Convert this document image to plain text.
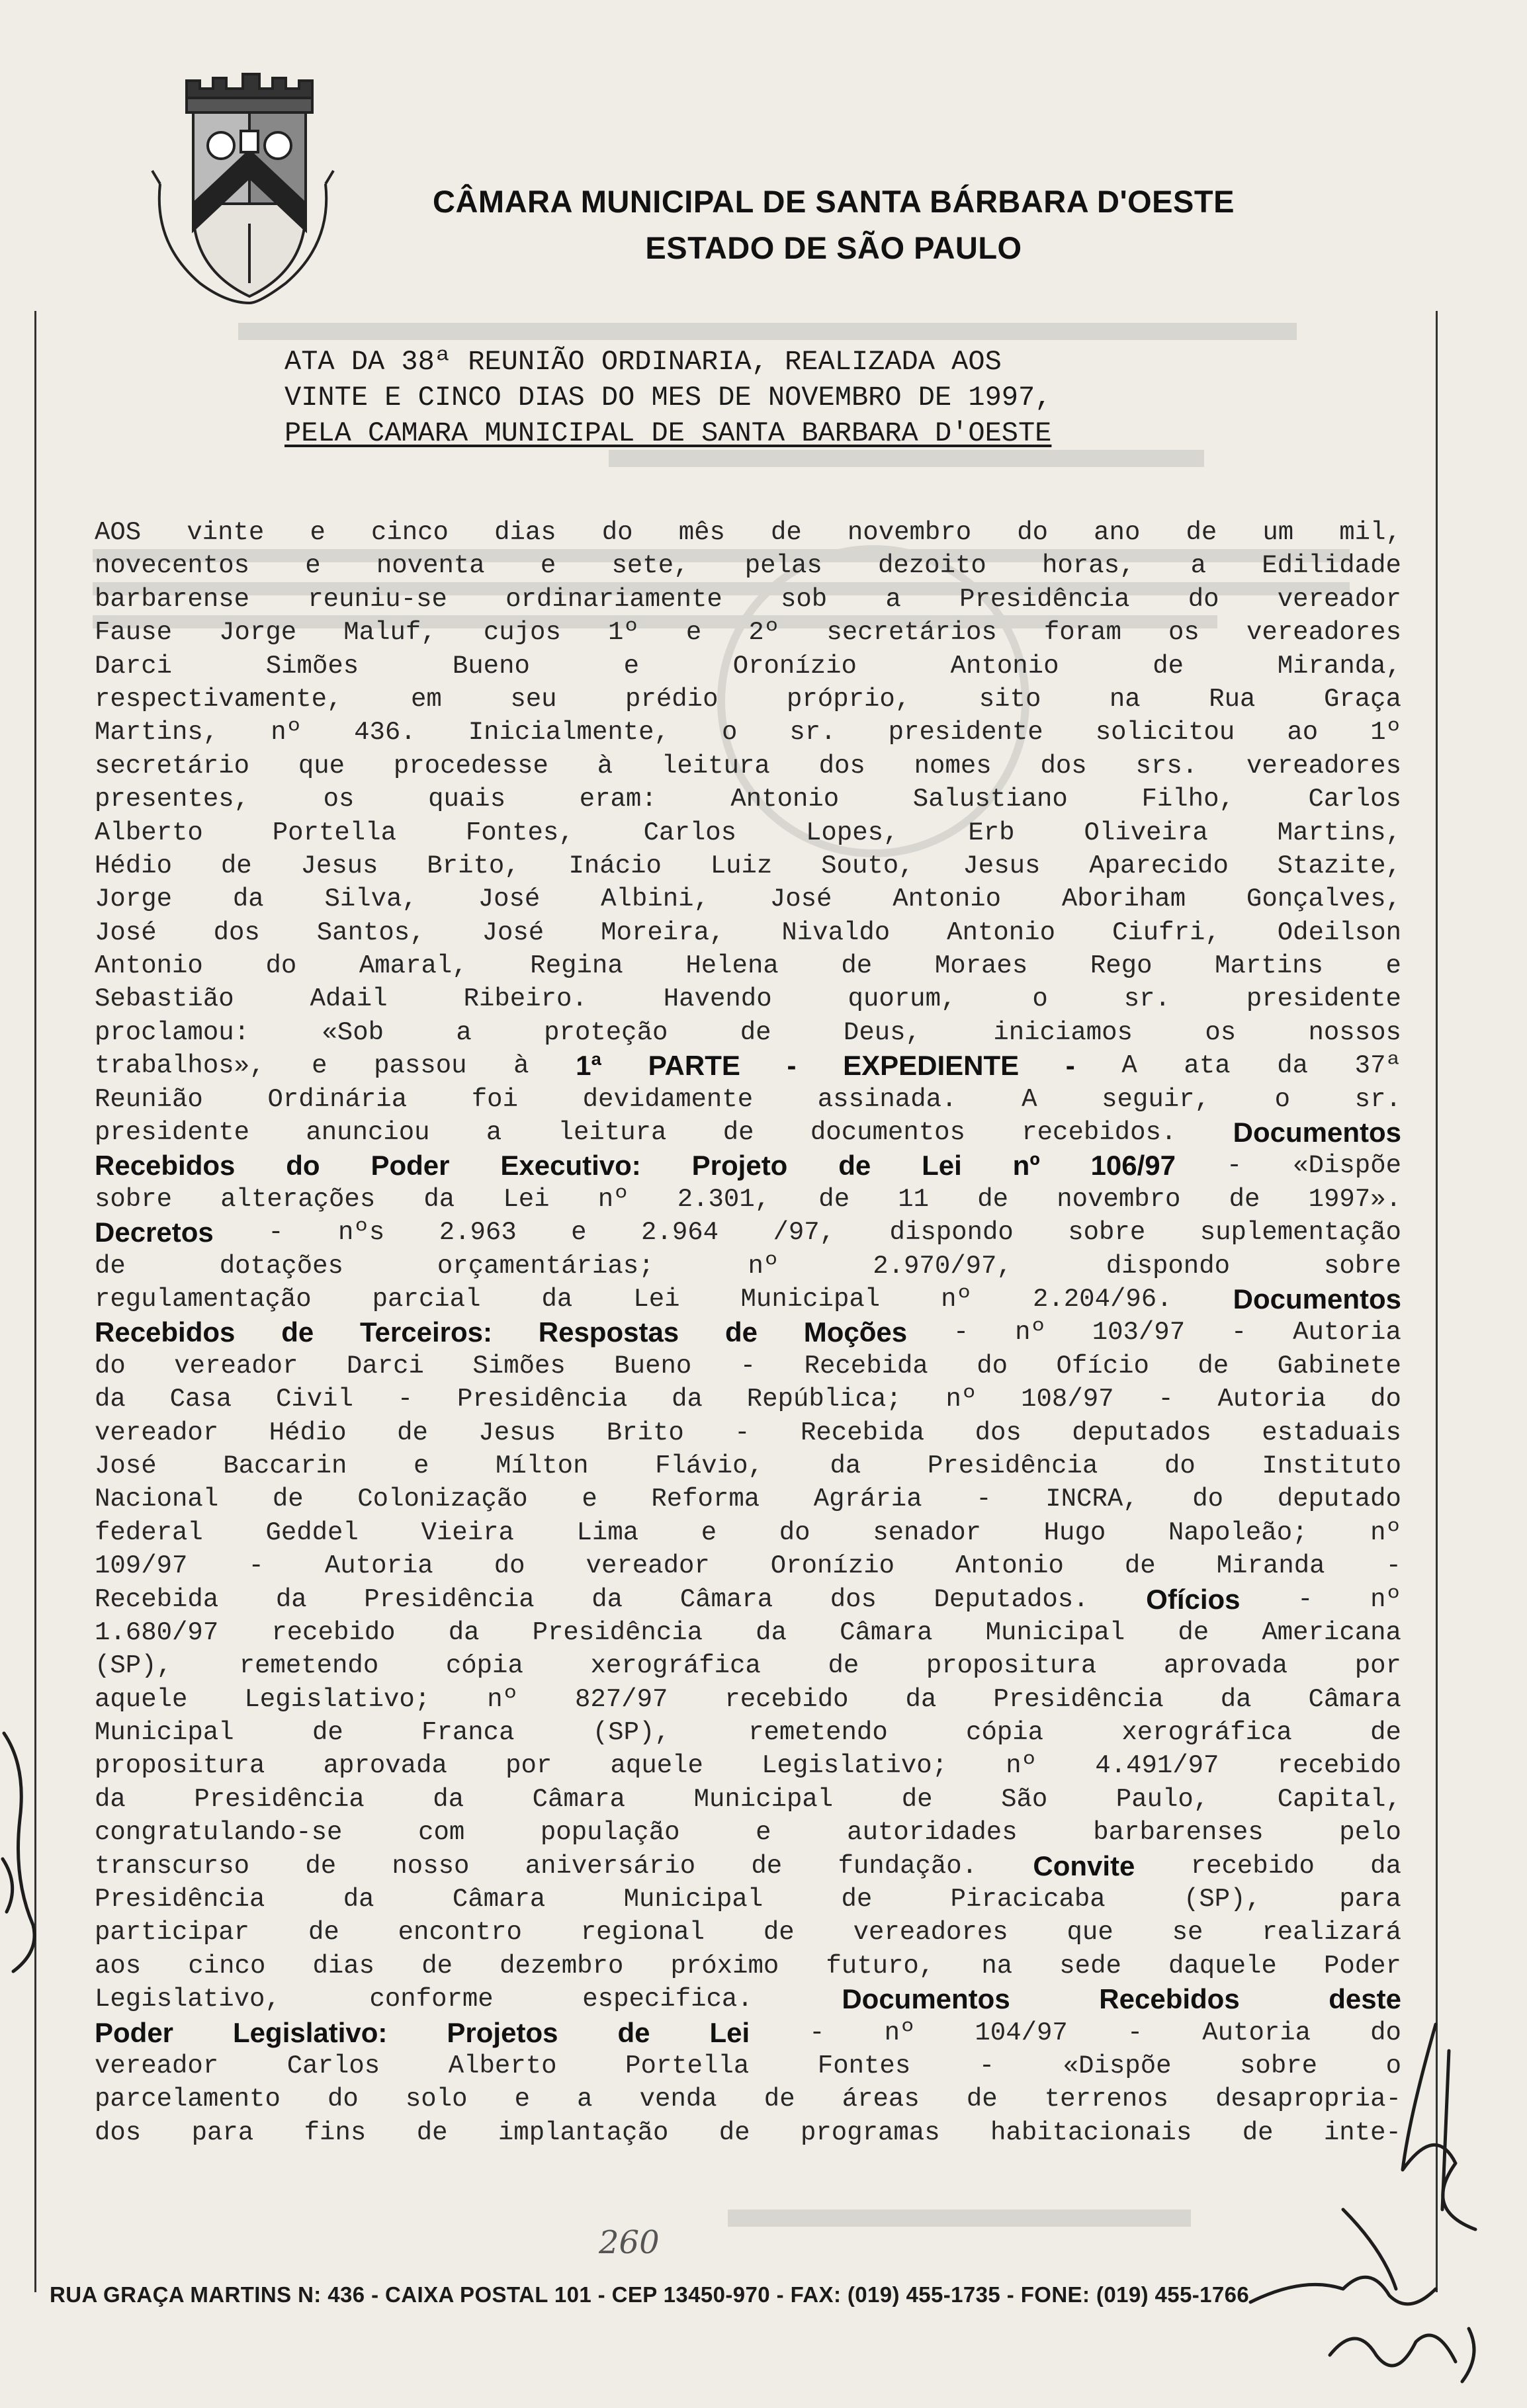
CÂMARA MUNICIPAL DE SANTA BÁRBARA D'OESTE
ESTADO DE SÃO PAULO
ATA DA 38ª REUNIÃO ORDINARIA, REALIZADA AOS
VINTE E CINCO DIAS DO MES DE NOVEMBRO DE 1997,
PELA CAMARA MUNICIPAL DE SANTA BARBARA D'OESTE
AOS vinte e cinco dias do mês de novembro do ano de um mil,
novecentos e noventa e sete, pelas dezoito horas, a Edilidade
barbarense reuniu-se ordinariamente sob a Presidência do vereador
Fause Jorge Maluf, cujos 1º e 2º secretários foram os vereadores
Darci	Simões	Bueno	e	Oronízio	Antonio	de	Miranda,
respectivamente,	em	seu	prédio	próprio,	sito	na	Rua	Graça
Martins, nº 436. Inicialmente, o sr. presidente solicitou ao 1º
secretário que procedesse à leitura dos nomes dos srs. vereadores
presentes,	os	quais	eram:	Antonio	Salustiano	Filho,	Carlos
Alberto	Portella	Fontes,	Carlos	Lopes,	Erb	Oliveira	Martins,
Hédio de Jesus Brito, Inácio Luiz Souto, Jesus Aparecido Stazite,
Jorge da Silva, José Albini, José Antonio Aboriham Gonçalves,
José dos Santos, José Moreira, Nivaldo Antonio Ciufri, Odeilson
Antonio do Amaral, Regina Helena de Moraes Rego Martins e
Sebastião	Adail	Ribeiro.	Havendo	quorum,	o	sr.	presidente
proclamou:	«Sob	a	proteção	de	Deus,	iniciamos	os	nossos
trabalhos», e passou à 1ª PARTE - EXPEDIENTE - A ata da 37ª
Reunião	Ordinária	foi	devidamente	assinada.	A	seguir,	o	sr.
presidente anunciou a leitura de documentos recebidos. Documentos
Recebidos do Poder Executivo: Projeto de Lei nº 106/97 - «Dispõe
sobre alterações da Lei nº 2.301, de 11 de novembro de 1997».
Decretos - nºs 2.963 e 2.964 /97, dispondo sobre suplementação
de	dotações	orçamentárias;	nº	2.970/97,	dispondo	sobre
regulamentação parcial da Lei Municipal nº 2.204/96. Documentos
Recebidos de Terceiros: Respostas de Moções - nº 103/97 - Autoria
do vereador Darci Simões Bueno - Recebida do Ofício de Gabinete
da Casa Civil - Presidência da República; nº 108/97 - Autoria do
vereador Hédio de Jesus Brito - Recebida dos deputados estaduais
José	Baccarin	e	Mílton	Flávio,	da	Presidência	do	Instituto
Nacional de Colonização e Reforma Agrária - INCRA, do deputado
federal Geddel Vieira Lima e do senador Hugo Napoleão; nº
109/97 - Autoria do vereador Oronízio Antonio de Miranda -
Recebida da Presidência da Câmara dos Deputados. Ofícios - nº
1.680/97 recebido da Presidência da Câmara Municipal de Americana
(SP),	remetendo	cópia	xerográfica	de	propositura	aprovada	por
aquele Legislativo; nº 827/97 recebido da Presidência da Câmara
Municipal	de	Franca	(SP),	remetendo	cópia	xerográfica	de
propositura aprovada por aquele Legislativo; nº 4.491/97 recebido
da	Presidência	da	Câmara	Municipal	de	São	Paulo,	Capital,
congratulando-se	com	população	e	autoridades	barbarenses	pelo
transcurso de nosso aniversário de fundação. Convite recebido da
Presidência	da	Câmara	Municipal	de	Piracicaba	(SP),	para
participar de encontro regional de vereadores que se realizará
aos cinco dias de dezembro próximo futuro, na sede daquele Poder
Legislativo,	conforme	especifica.	Documentos	Recebidos	deste
Poder Legislativo: Projetos de Lei - nº 104/97 - Autoria do
vereador	Carlos	Alberto	Portella	Fontes	-	«Dispõe	sobre	o
parcelamento do solo e a venda de áreas de terrenos desapropria-
dos para fins de implantação de programas habitacionais de inte-
260
RUA GRAÇA MARTINS N: 436 - CAIXA POSTAL 101 - CEP 13450-970 - FAX: (019) 455-1735 - FONE: (019) 455-1766
